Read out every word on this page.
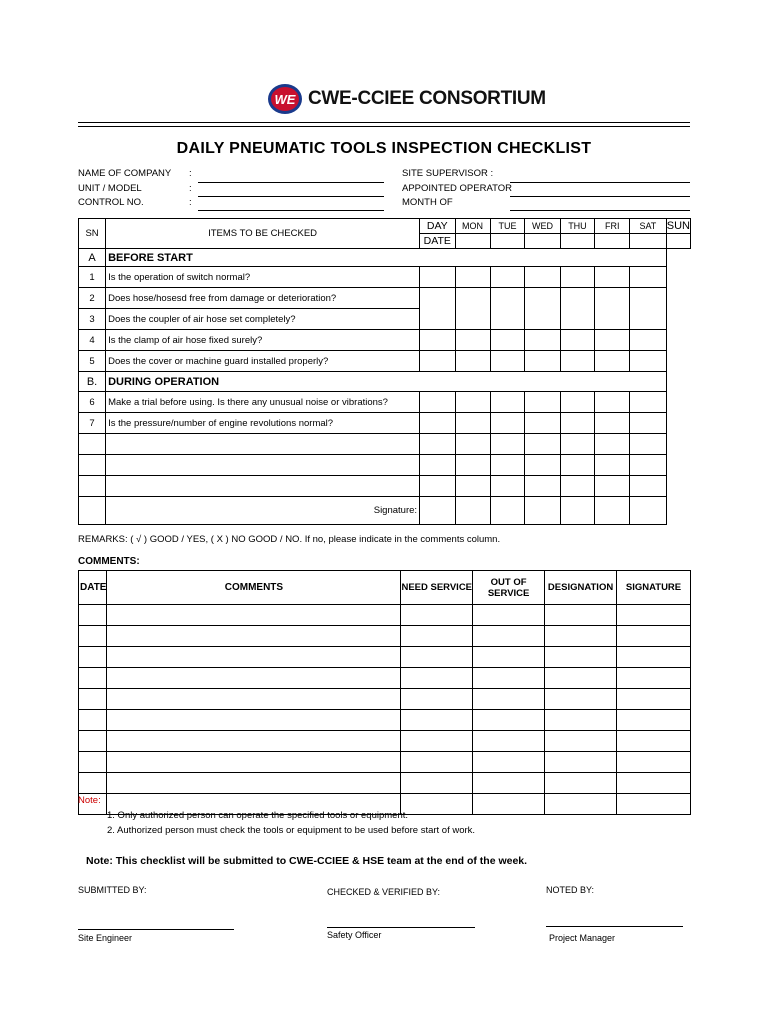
WE CWE-CCIEE CONSORTIUM
DAILY PNEUMATIC TOOLS INSPECTION CHECKLIST
NAME OF COMPANY :
UNIT / MODEL	:
CONTROL NO.	:
SITE SUPERVISOR :
APPOINTED OPERATOR
MONTH OF
SN	ITEMS TO BE CHECKED	DAY	MON	TUE	WED	THU	FRI	SAT	SUN
		DATE							
A	BEFORE START								
1	Is the operation of switch normal?								
2	Does hose/hosesd free from damage or deterioration?								
3	Does the coupler of air hose set completely?								
4	Is the clamp of air hose fixed surely?								
5	Does the cover or machine guard installed properly?								
B.	DURING OPERATION								
6	Make a trial before using. Is there any unusual noise or vibrations?								
7	Is the pressure/number of engine revolutions normal?								

	Signature:								
REMARKS: ( √ ) GOOD / YES, ( X ) NO GOOD / NO. If no, please indicate in the comments column.
COMMENTS:
DATE	COMMENTS	NEED SERVICE	OUT OF SERVICE	DESIGNATION	SIGNATURE

Note:
1. Only authorized person can operate the specified tools or equipment.
2. Authorized person must check the tools or equipment to be used before start of work.
Note: This checklist will be submitted to CWE-CCIEE & HSE team at the end of the week.
SUBMITTED BY:
Site Engineer
CHECKED & VERIFIED BY:
Safety Officer
NOTED BY:
Project Manager
